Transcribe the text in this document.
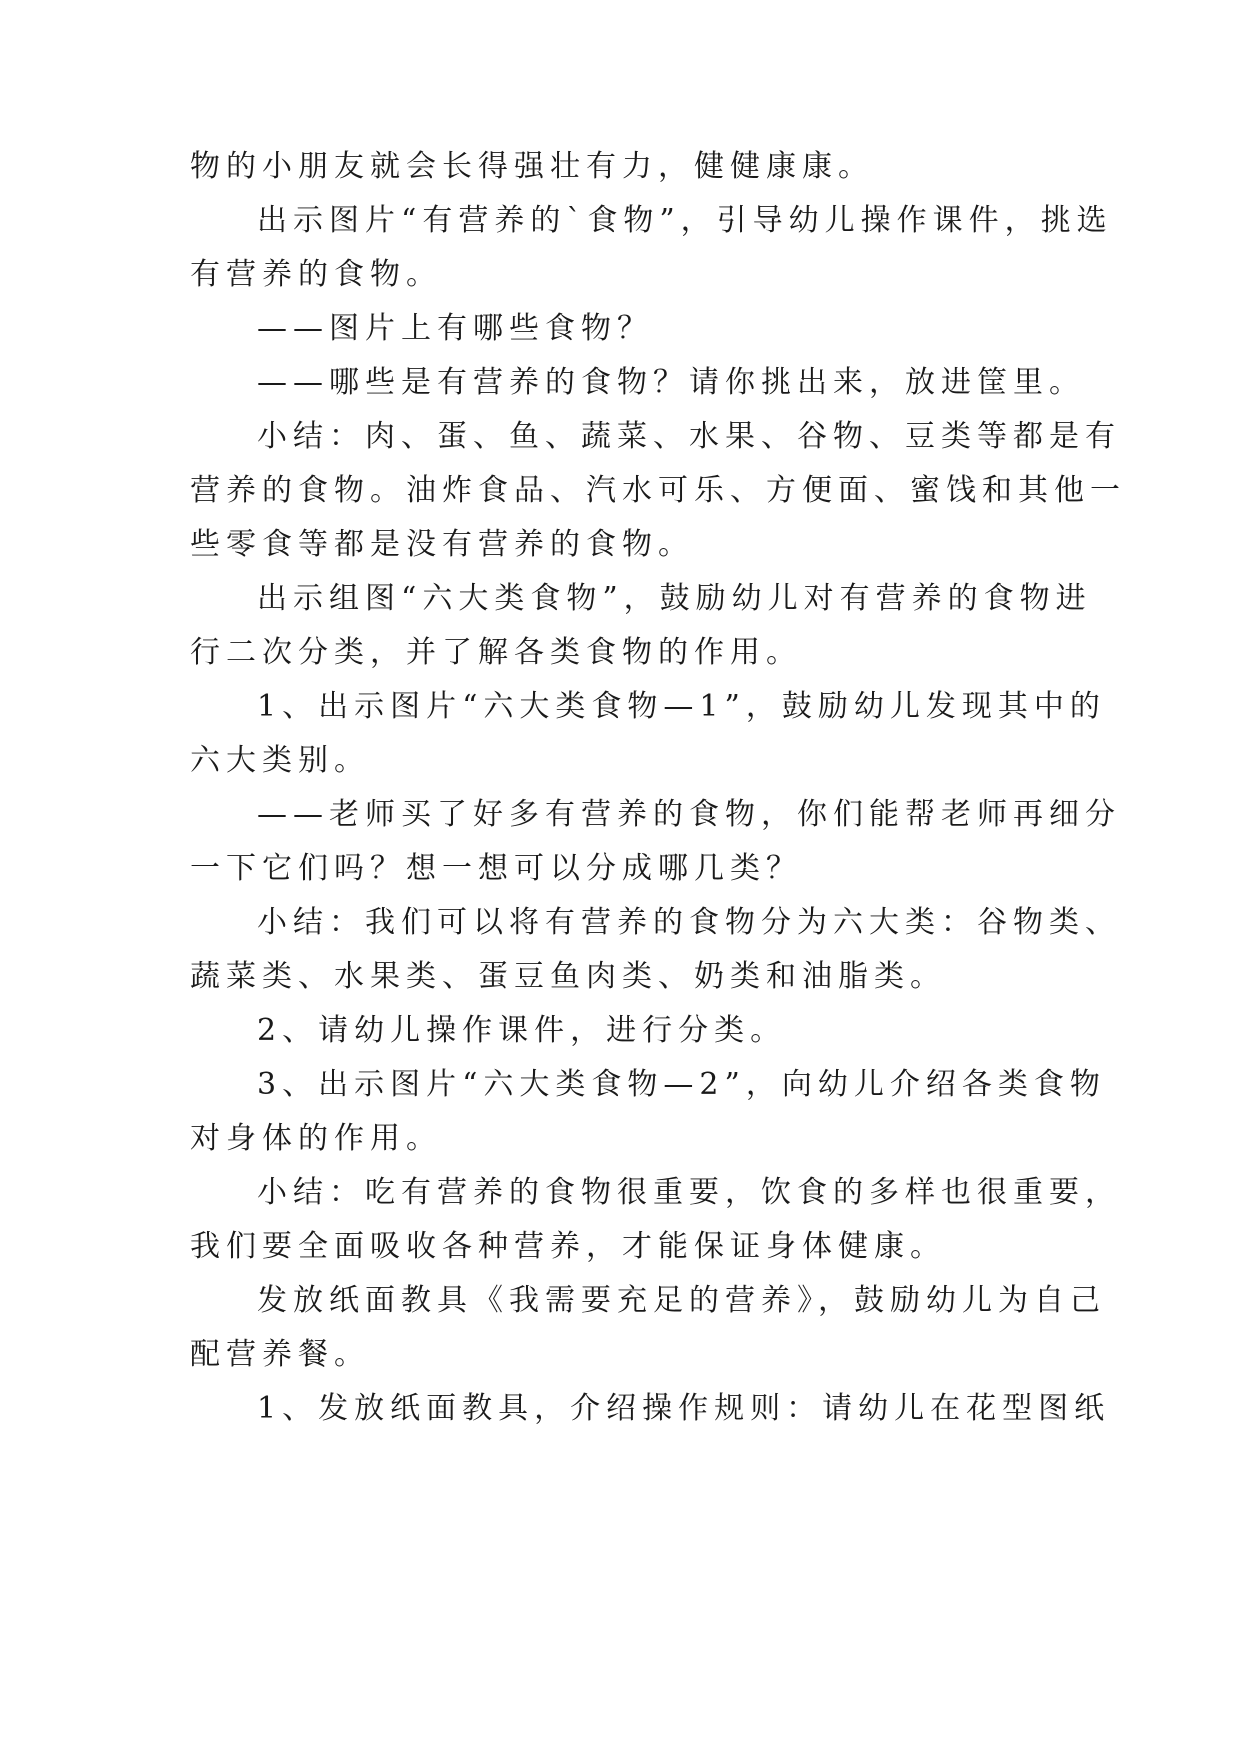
物的小朋友就会长得强壮有力，健健康康。
出示图片“有营养的`食物”，引导幼儿操作课件，挑选
有营养的食物。
——图片上有哪些食物？
——哪些是有营养的食物？请你挑出来，放进筐里。
小结：肉、蛋、鱼、蔬菜、水果、谷物、豆类等都是有
营养的食物。油炸食品、汽水可乐、方便面、蜜饯和其他一
些零食等都是没有营养的食物。
出示组图“六大类食物”，鼓励幼儿对有营养的食物进
行二次分类，并了解各类食物的作用。
1、出示图片“六大类食物—1”，鼓励幼儿发现其中的
六大类别。
——老师买了好多有营养的食物，你们能帮老师再细分
一下它们吗？想一想可以分成哪几类？
小结：我们可以将有营养的食物分为六大类：谷物类、
蔬菜类、水果类、蛋豆鱼肉类、奶类和油脂类。
2、请幼儿操作课件，进行分类。
3、出示图片“六大类食物—2”，向幼儿介绍各类食物
对身体的作用。
小结：吃有营养的食物很重要，饮食的多样也很重要，
我们要全面吸收各种营养，才能保证身体健康。
发放纸面教具《我需要充足的营养》，鼓励幼儿为自己
配营养餐。
1、发放纸面教具，介绍操作规则：请幼儿在花型图纸
